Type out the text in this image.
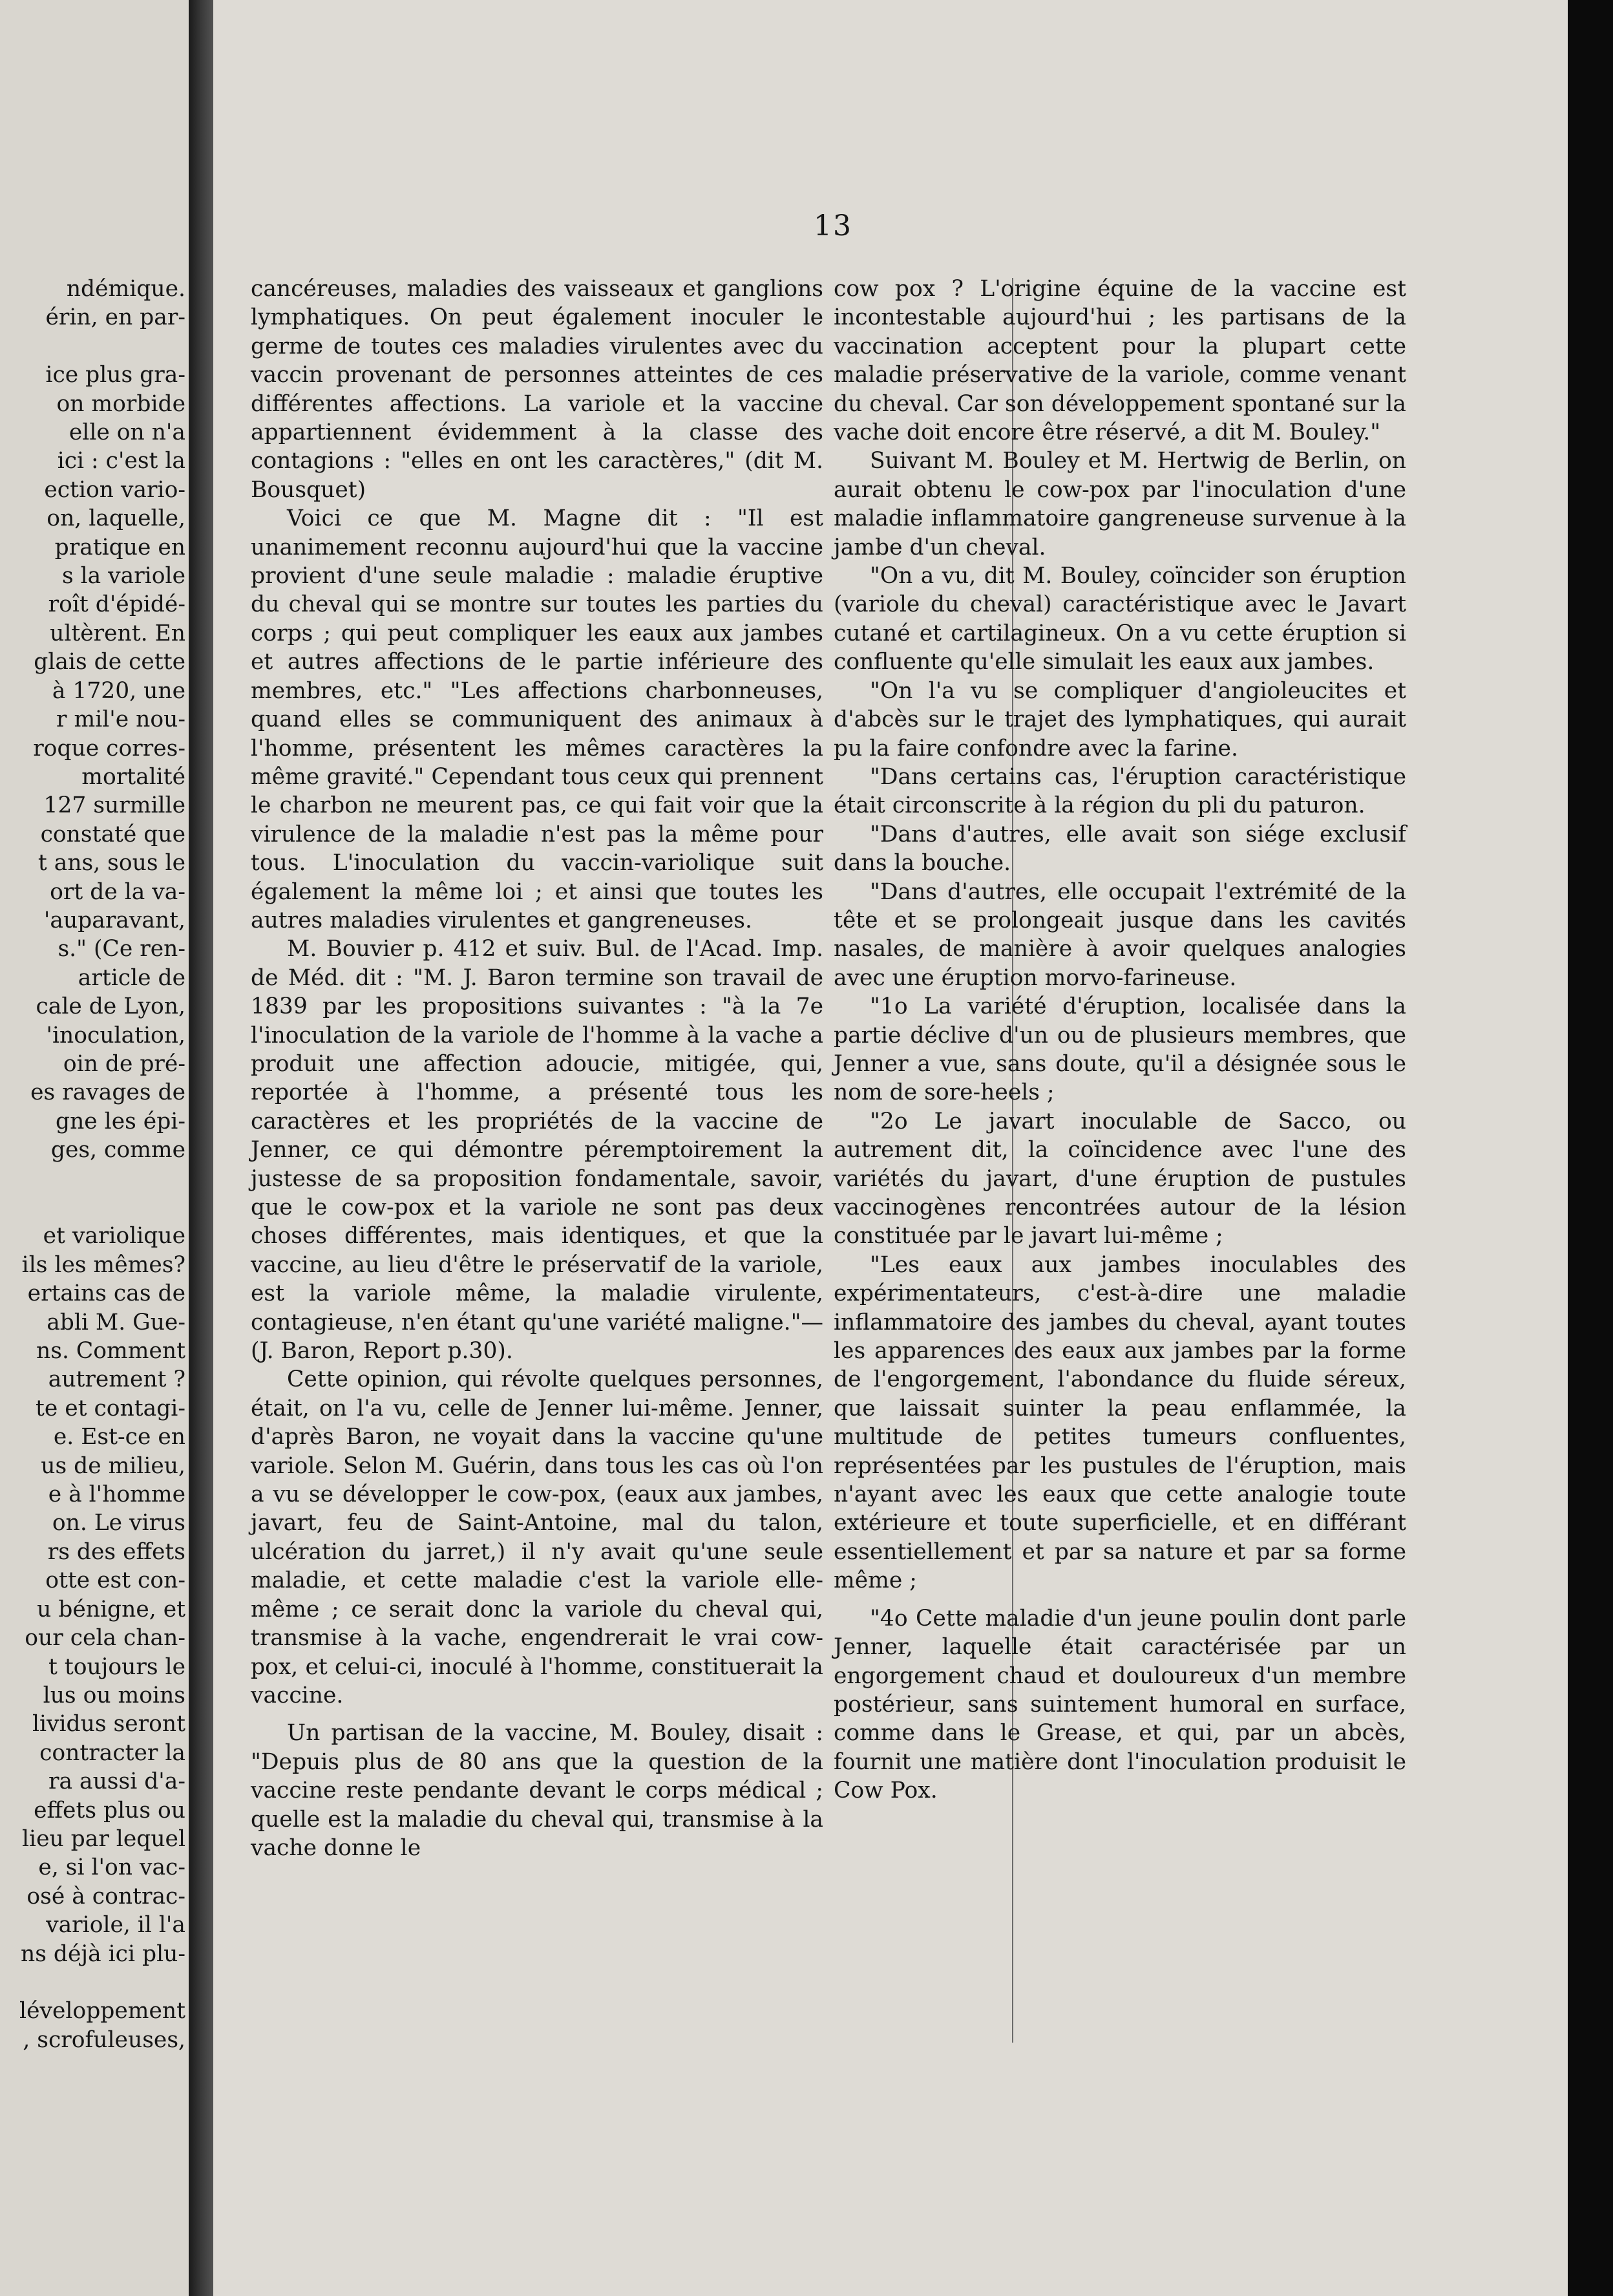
ndémique.
érin, en par-

ice plus gra-
on morbide
elle on n'a
ici : c'est la
ection vario-
on, laquelle,
pratique en
s la variole
roît d'épidé-
ultèrent. En
glais de cette
à 1720, une
r mil'e nou-
roque corres-
mortalité
127 surmille
constaté que
t ans, sous le
ort de la va-
'auparavant,
s." (Ce ren-
article de
cale de Lyon,
'inoculation,
oin de pré-
es ravages de
gne les épi-
ges, comme

et variolique
ils les mêmes?
ertains cas de
abli M. Gue-
ns. Comment
autrement ?
te et contagi-
e. Est-ce en
us de milieu,
e à l'homme
on. Le virus
rs des effets
otte est con-
u bénigne, et
our cela chan-
t toujours le
lus ou moins
lividus seront
contracter la
ra aussi d'a-
effets plus ou
lieu par lequel
e, si l'on vac-
osé à contrac-
variole, il l'a
ns déjà ici plu-

léveloppement
, scrofuleuses,
13

cancéreuses, maladies des vaisseaux et ganglions lymphatiques. On peut également inoculer le germe de toutes ces maladies virulentes avec du vaccin provenant de personnes atteintes de ces différentes affections. La variole et la vaccine appartiennent évidemment à la classe des contagions : "elles en ont les caractères," (dit M. Bousquet)

Voici ce que M. Magne dit : "Il est unanimement reconnu aujourd'hui que la vaccine provient d'une seule maladie : maladie éruptive du cheval qui se montre sur toutes les parties du corps ; qui peut compliquer les eaux aux jambes et autres affections de le partie inférieure des membres, etc." "Les affections charbonneuses, quand elles se communiquent des animaux à l'homme, présentent les mêmes caractères la même gravité." Cependant tous ceux qui prennent le charbon ne meurent pas, ce qui fait voir que la virulence de la maladie n'est pas la même pour tous. L'inoculation du vaccin-variolique suit également la même loi ; et ainsi que toutes les autres maladies virulentes et gangreneuses.

M. Bouvier p. 412 et suiv. Bul. de l'Acad. Imp. de Méd. dit : "M. J. Baron termine son travail de 1839 par les propositions suivantes : "à la 7e l'inoculation de la variole de l'homme à la vache a produit une affection adoucie, mitigée, qui, reportée à l'homme, a présenté tous les caractères et les propriétés de la vaccine de Jenner, ce qui démontre péremptoirement la justesse de sa proposition fondamentale, savoir, que le cow-pox et la variole ne sont pas deux choses différentes, mais identiques, et que la vaccine, au lieu d'être le préservatif de la variole, est la variole même, la maladie virulente, contagieuse, n'en étant qu'une variété maligne."—(J. Baron, Report p.30).

Cette opinion, qui révolte quelques personnes, était, on l'a vu, celle de Jenner lui-même. Jenner, d'après Baron, ne voyait dans la vaccine qu'une variole. Selon M. Guérin, dans tous les cas où l'on a vu se développer le cow-pox, (eaux aux jambes, javart, feu de Saint-Antoine, mal du talon, ulcération du jarret,) il n'y avait qu'une seule maladie, et cette maladie c'est la variole elle-même ; ce serait donc la variole du cheval qui, transmise à la vache, engendrerait le vrai cow-pox, et celui-ci, inoculé à l'homme, constituerait la vaccine.

Un partisan de la vaccine, M. Bouley, disait : "Depuis plus de 80 ans que la question de la vaccine reste pendante devant le corps médical ; quelle est la maladie du cheval qui, transmise à la vache donne le

cow pox ? L'origine équine de la vaccine est incontestable aujourd'hui ; les partisans de la vaccination acceptent pour la plupart cette maladie préservative de la variole, comme venant du cheval. Car son développement spontané sur la vache doit encore être réservé, a dit M. Bouley."

Suivant M. Bouley et M. Hertwig de Berlin, on aurait obtenu le cow-pox par l'inoculation d'une maladie inflammatoire gangreneuse survenue à la jambe d'un cheval.

"On a vu, dit M. Bouley, coïncider son éruption (variole du cheval) caractéristique avec le Javart cutané et cartilagineux. On a vu cette éruption si confluente qu'elle simulait les eaux aux jambes.

"On l'a vu se compliquer d'angioleucites et d'abcès sur le trajet des lymphatiques, qui aurait pu la faire confondre avec la farine.

"Dans certains cas, l'éruption caractéristique était circonscrite à la région du pli du paturon.

"Dans d'autres, elle avait son siége exclusif dans la bouche.

"Dans d'autres, elle occupait l'extrémité de la tête et se prolongeait jusque dans les cavités nasales, de manière à avoir quelques analogies avec une éruption morvo-farineuse.

"1o La variété d'éruption, localisée dans la partie déclive d'un ou de plusieurs membres, que Jenner a vue, sans doute, qu'il a désignée sous le nom de sore-heels ;

"2o Le javart inoculable de Sacco, ou autrement dit, la coïncidence avec l'une des variétés du javart, d'une éruption de pustules vaccinogènes rencontrées autour de la lésion constituée par le javart lui-même ;

"Les eaux aux jambes inoculables des expérimentateurs, c'est-à-dire une maladie inflammatoire des jambes du cheval, ayant toutes les apparences des eaux aux jambes par la forme de l'engorgement, l'abondance du fluide séreux, que laissait suinter la peau enflammée, la multitude de petites tumeurs confluentes, représentées par les pustules de l'éruption, mais n'ayant avec les eaux que cette analogie toute extérieure et toute superficielle, et en différant essentiellement et par sa nature et par sa forme même ;

"4o Cette maladie d'un jeune poulin dont parle Jenner, laquelle était caractérisée par un engorgement chaud et douloureux d'un membre postérieur, sans suintement humoral en surface, comme dans le Grease, et qui, par un abcès, fournit une matière dont l'inoculation produisit le Cow Pox.
